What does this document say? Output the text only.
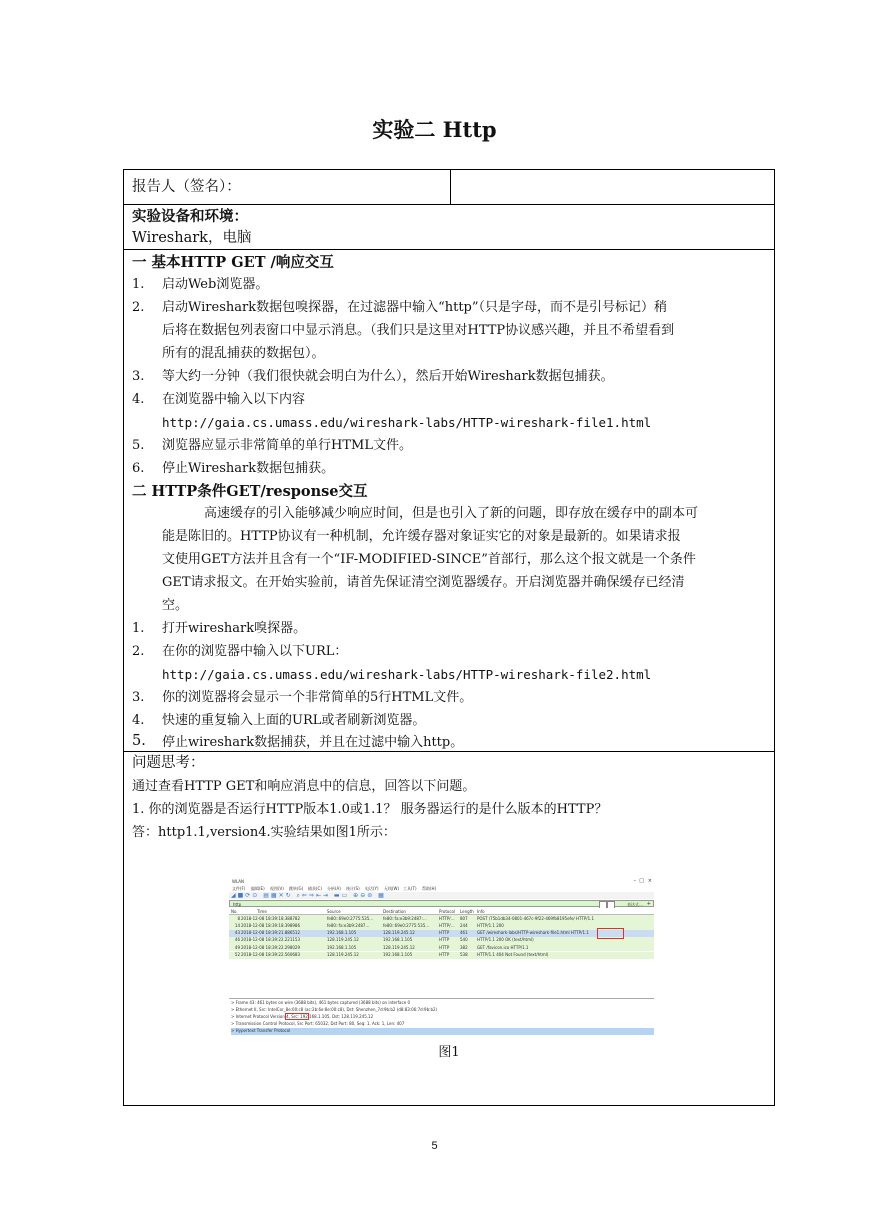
实验二 Http
报告人（签名）：
实验设备和环境：
Wireshark，电脑
一 基本HTTP GET /响应交互
1. 启动Web浏览器。
2. 启动Wireshark数据包嗅探器，在过滤器中输入“http”（只是字母，而不是引号标记）稍
后将在数据包列表窗口中显示消息。（我们只是这里对HTTP协议感兴趣，并且不希望看到
所有的混乱捕获的数据包）。
3. 等大约一分钟（我们很快就会明白为什么），然后开始Wireshark数据包捕获。
4. 在浏览器中输入以下内容
http://gaia.cs.umass.edu/wireshark-labs/HTTP-wireshark-file1.html
5. 浏览器应显示非常简单的单行HTML文件。
6. 停止Wireshark数据包捕获。
二 HTTP条件GET/response交互
高速缓存的引入能够减少响应时间，但是也引入了新的问题，即存放在缓存中的副本可
能是陈旧的。HTTP协议有一种机制，允许缓存器对象证实它的对象是最新的。如果请求报
文使用GET方法并且含有一个“IF-MODIFIED-SINCE”首部行，那么这个报文就是一个条件
GET请求报文。在开始实验前，请首先保证清空浏览器缓存。开启浏览器并确保缓存已经清
空。
1. 打开wireshark嗅探器。
2. 在你的浏览器中输入以下URL：
http://gaia.cs.umass.edu/wireshark-labs/HTTP-wireshark-file2.html
3. 你的浏览器将会显示一个非常简单的5行HTML文件。
4. 快速的重复输入上面的URL或者刷新浏览器。
5. 停止wireshark数据捕获，并且在过滤中输入http。
问题思考：
通过查看HTTP GET和响应消息中的信息，回答以下问题。
1. 你的浏览器是否运行HTTP版本1.0或1.1？ 服务器运行的是什么版本的HTTP？
答：http1.1,version4.实验结果如图1所示：
WLAN	– □ ×
文件(F) 编辑(E) 视图(V) 跳转(G) 捕获(C) 分析(A) 统计(S) 电话(Y) 无线(W) 工具(T) 帮助(H)
◢■⟳⊙ ▤▦✕↻ ⌕⇐⇒⇤⇥ ▬▭ ⊕⊖⊜ ▦
http	表达式… +
No.	Time	Source	Destination	Protocol Length Info
8 2018-12-08 18:39:18.388782	fe80::69e0:2775:535… fe80::fa:e3b9:2487:…	HTTP/… 807 POST /75b1db34-0801-467c-9f22-469fb8195efe/ HTTP/1.1
14 2018-12-08 18:39:18.398986	fe80::fa:e3b9:2487…	fe80::69e0:2775:535… HTTP/… 244 HTTP/1.1 200
43 2018-12-08 18:39:21.886512	192.168.1.105	128.119.245.12	HTTP	461 GET /wireshark-labs/HTTP-wireshark-file1.html HTTP/1.1
46 2018-12-08 18:39:22.221153	128.119.245.12	192.168.1.105	HTTP	540 HTTP/1.1 200 OK (text/html)
49 2018-12-08 18:39:22.298029	192.168.1.105	128.119.245.12	HTTP	382 GET /favicon.ico HTTP/1.1
52 2018-12-08 18:39:22.560683	128.119.245.12	192.168.1.105	HTTP	538 HTTP/1.1 404 Not Found (text/html)
> Frame 43: 461 bytes on wire (3688 bits), 461 bytes captured (3688 bits) on interface 0
> Ethernet II, Src: IntelCor_8e:00:c8 (ac:2b:6e:8e:00:c8), Dst: Shenzhen_7d:9b:b2 (d8:83:06:7d:9b:b2)
> Internet Protocol Version 4, Src: 192.168.1.105, Dst: 128.119.245.12
> Transmission Control Protocol, Src Port: 65032, Dst Port: 80, Seq: 1, Ack: 1, Len: 407
> Hypertext Transfer Protocol
图1
5
